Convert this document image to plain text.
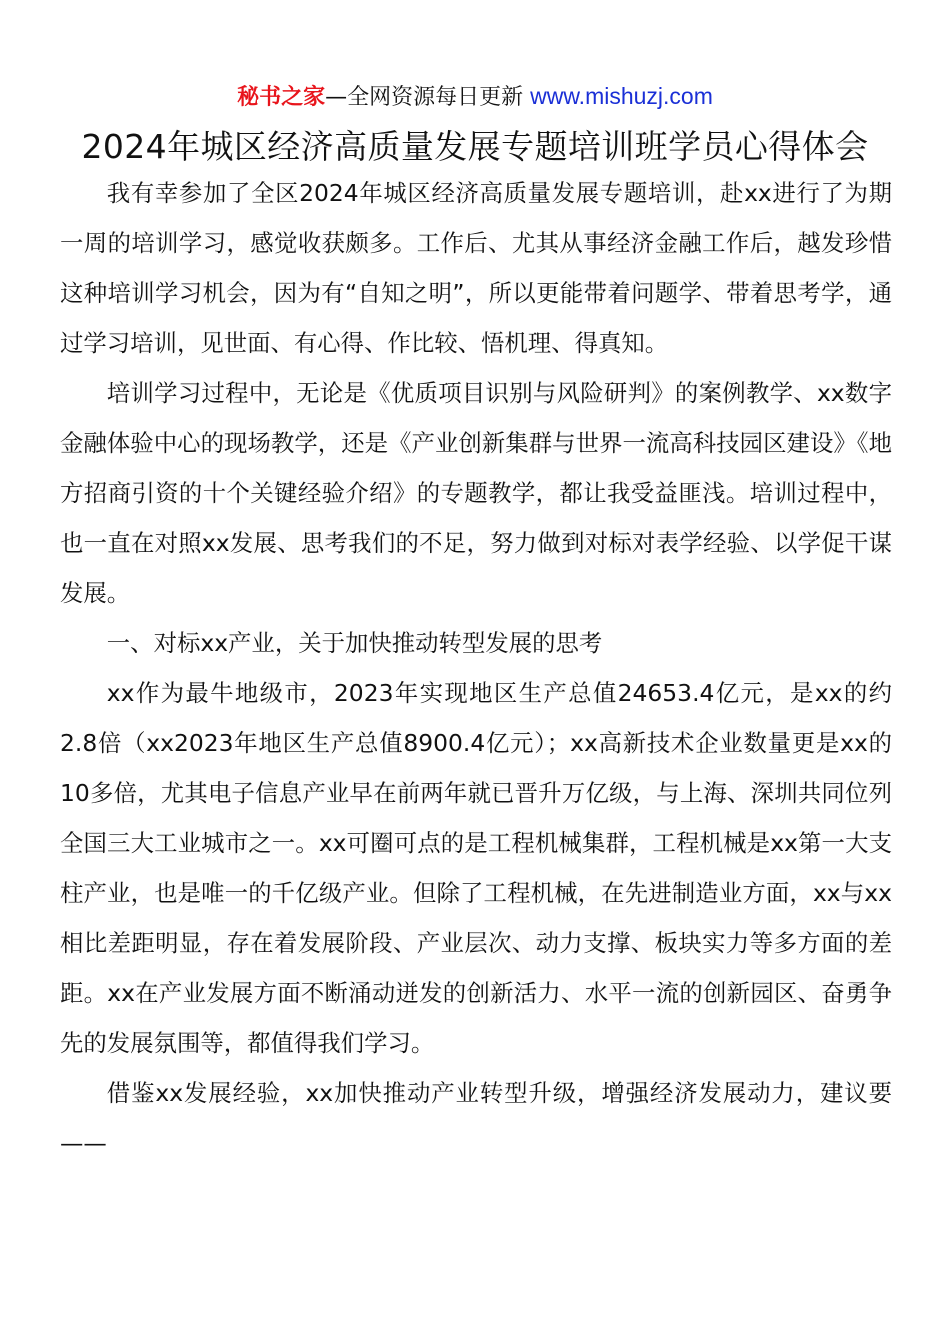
秘书之家—全网资源每日更新 www.mishuzj.com
2024年城区经济高质量发展专题培训班学员心得体会

我有幸参加了全区2024年城区经济高质量发展专题培训，赴xx进行了为期一周的培训学习，感觉收获颇多。工作后、尤其从事经济金融工作后，越发珍惜这种培训学习机会，因为有“自知之明”，所以更能带着问题学、带着思考学，通过学习培训，见世面、有心得、作比较、悟机理、得真知。

培训学习过程中，无论是《优质项目识别与风险研判》的案例教学、xx数字金融体验中心的现场教学，还是《产业创新集群与世界一流高科技园区建设》《地方招商引资的十个关键经验介绍》的专题教学，都让我受益匪浅。培训过程中，也一直在对照xx发展、思考我们的不足，努力做到对标对表学经验、以学促干谋发展。

一、对标xx产业，关于加快推动转型发展的思考

xx作为最牛地级市，2023年实现地区生产总值24653.4亿元，是xx的约2.8倍（xx2023年地区生产总值8900.4亿元）；xx高新技术企业数量更是xx的10多倍，尤其电子信息产业早在前两年就已晋升万亿级，与上海、深圳共同位列全国三大工业城市之一。xx可圈可点的是工程机械集群，工程机械是xx第一大支柱产业，也是唯一的千亿级产业。但除了工程机械，在先进制造业方面，xx与xx相比差距明显，存在着发展阶段、产业层次、动力支撑、板块实力等多方面的差距。xx在产业发展方面不断涌动迸发的创新活力、水平一流的创新园区、奋勇争先的发展氛围等，都值得我们学习。

借鉴xx发展经验，xx加快推动产业转型升级，增强经济发展动力，建议要——
